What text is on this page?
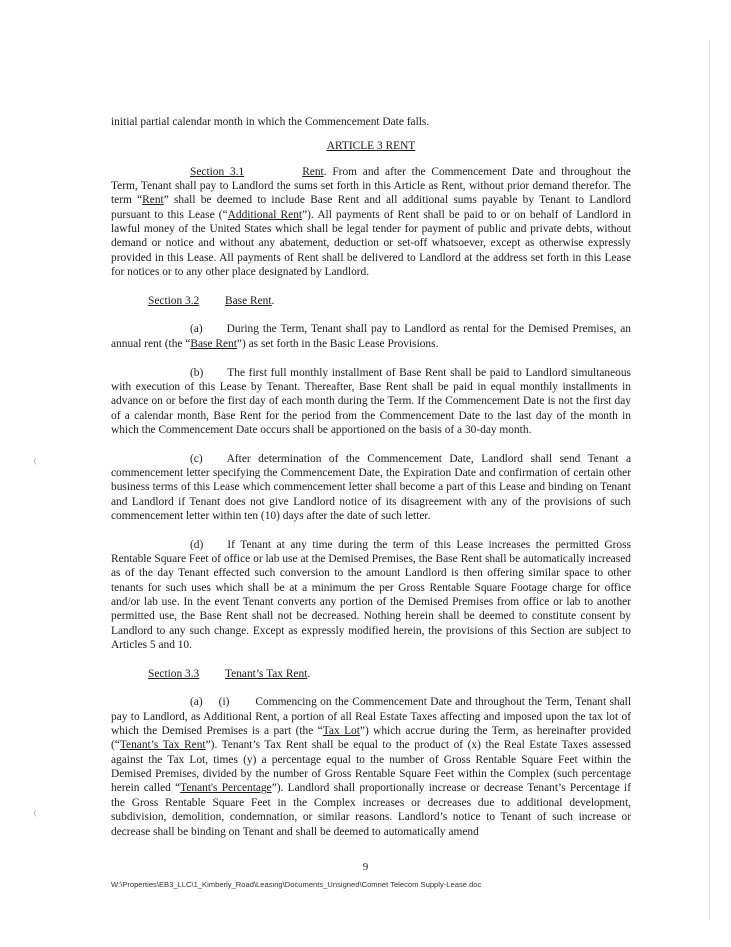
(
(

initial partial calendar month in which the Commencement Date falls.

ARTICLE 3 RENT

Section 3.1	Rent. From and after the Commencement Date and throughout the Term, Tenant shall pay to Landlord the sums set forth in this Article as Rent, without prior demand therefor. The term “Rent” shall be deemed to include Base Rent and all additional sums payable by Tenant to Landlord pursuant to this Lease (“Additional Rent”). All payments of Rent shall be paid to or on behalf of Landlord in lawful money of the United States which shall be legal tender for payment of public and private debts, without demand or notice and without any abatement, deduction or set-off whatsoever, except as otherwise expressly provided in this Lease. All payments of Rent shall be delivered to Landlord at the address set forth in this Lease for notices or to any other place designated by Landlord.

Section 3.2 Base Rent.

(a) During the Term, Tenant shall pay to Landlord as rental for the Demised Premises, an annual rent (the “Base Rent”) as set forth in the Basic Lease Provisions.

(b) The first full monthly installment of Base Rent shall be paid to Landlord simultaneous with execution of this Lease by Tenant. Thereafter, Base Rent shall be paid in equal monthly installments in advance on or before the first day of each month during the Term. If the Commencement Date is not the first day of a calendar month, Base Rent for the period from the Commencement Date to the last day of the month in which the Commencement Date occurs shall be apportioned on the basis of a 30-day month.

(c) After determination of the Commencement Date, Landlord shall send Tenant a commencement letter specifying the Commencement Date, the Expiration Date and confirmation of certain other business terms of this Lease which commencement letter shall become a part of this Lease and binding on Tenant and Landlord if Tenant does not give Landlord notice of its disagreement with any of the provisions of such commencement letter within ten (10) days after the date of such letter.

(d) If Tenant at any time during the term of this Lease increases the permitted Gross Rentable Square Feet of office or lab use at the Demised Premises, the Base Rent shall be automatically increased as of the day Tenant effected such conversion to the amount Landlord is then offering similar space to other tenants for such uses which shall be at a minimum the per Gross Rentable Square Footage charge for office and/or lab use. In the event Tenant converts any portion of the Demised Premises from office or lab to another permitted use, the Base Rent shall not be decreased. Nothing herein shall be deemed to constitute consent by Landlord to any such change. Except as expressly modified herein, the provisions of this Section are subject to Articles 5 and 10.

Section 3.3 Tenant’s Tax Rent.

(a) (i) Commencing on the Commencement Date and throughout the Term, Tenant shall pay to Landlord, as Additional Rent, a portion of all Real Estate Taxes affecting and imposed upon the tax lot of which the Demised Premises is a part (the “Tax Lot”) which accrue during the Term, as hereinafter provided (“Tenant’s Tax Rent”). Tenant’s Tax Rent shall be equal to the product of (x) the Real Estate Taxes assessed against the Tax Lot, times (y) a percentage equal to the number of Gross Rentable Square Feet within the Demised Premises, divided by the number of Gross Rentable Square Feet within the Complex (such percentage herein called “Tenant's Percentage”). Landlord shall proportionally increase or decrease Tenant’s Percentage if the Gross Rentable Square Feet in the Complex increases or decreases due to additional development, subdivision, demolition, condemnation, or similar reasons. Landlord’s notice to Tenant of such increase or decrease shall be binding on Tenant and shall be deemed to automatically amend

9
W:\Properties\EB3_LLC\1_Kimberly_Road\Leasing\Documents_Unsigned\Comnet Telecom Supply-Lease.doc
